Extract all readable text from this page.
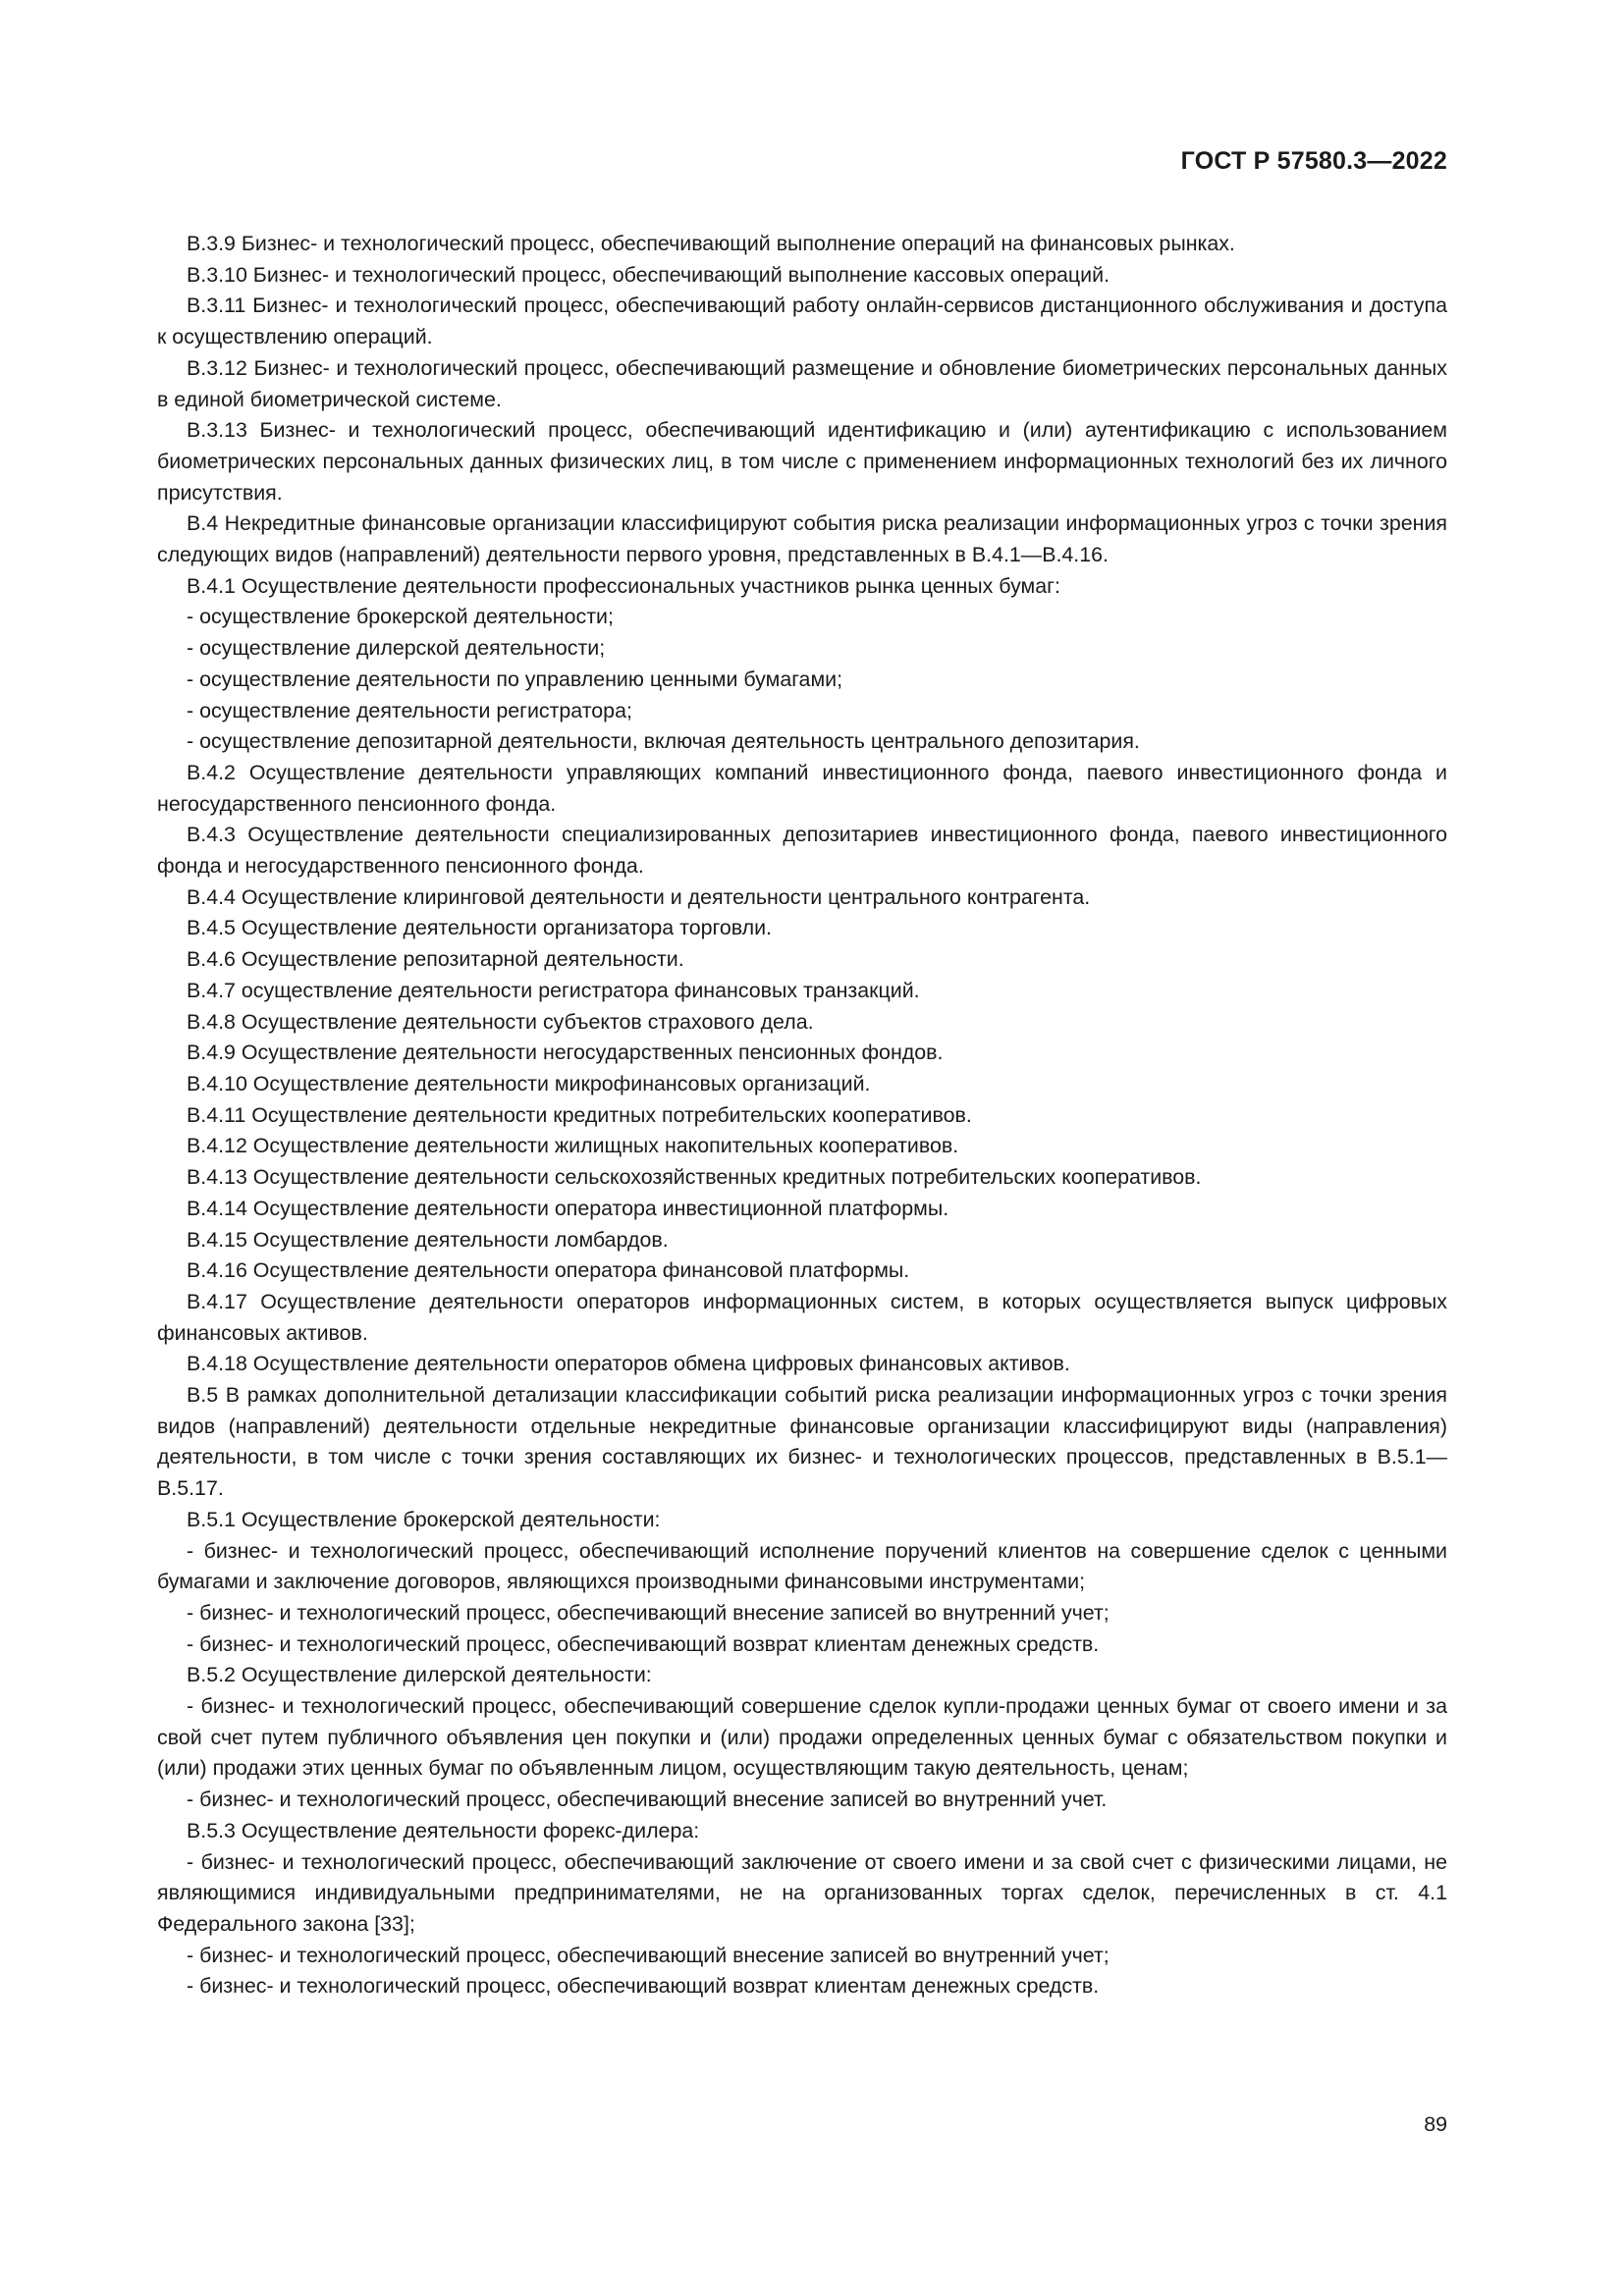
ГОСТ Р 57580.3—2022

B.3.9 Бизнес- и технологический процесс, обеспечивающий выполнение операций на финансовых рынках.

B.3.10 Бизнес- и технологический процесс, обеспечивающий выполнение кассовых операций.

B.3.11 Бизнес- и технологический процесс, обеспечивающий работу онлайн-сервисов дистанционного обслуживания и доступа к осуществлению операций.

B.3.12 Бизнес- и технологический процесс, обеспечивающий размещение и обновление биометрических персональных данных в единой биометрической системе.

B.3.13 Бизнес- и технологический процесс, обеспечивающий идентификацию и (или) аутентификацию с использованием биометрических персональных данных физических лиц, в том числе с применением информационных технологий без их личного присутствия.

B.4 Некредитные финансовые организации классифицируют события риска реализации информационных угроз с точки зрения следующих видов (направлений) деятельности первого уровня, представленных в B.4.1—B.4.16.

B.4.1 Осуществление деятельности профессиональных участников рынка ценных бумаг:

- осуществление брокерской деятельности;

- осуществление дилерской деятельности;

- осуществление деятельности по управлению ценными бумагами;

- осуществление деятельности регистратора;

- осуществление депозитарной деятельности, включая деятельность центрального депозитария.

B.4.2 Осуществление деятельности управляющих компаний инвестиционного фонда, паевого инвестиционного фонда и негосударственного пенсионного фонда.

B.4.3 Осуществление деятельности специализированных депозитариев инвестиционного фонда, паевого инвестиционного фонда и негосударственного пенсионного фонда.

B.4.4 Осуществление клиринговой деятельности и деятельности центрального контрагента.

B.4.5 Осуществление деятельности организатора торговли.

B.4.6 Осуществление репозитарной деятельности.

B.4.7 осуществление деятельности регистратора финансовых транзакций.

B.4.8 Осуществление деятельности субъектов страхового дела.

B.4.9 Осуществление деятельности негосударственных пенсионных фондов.

B.4.10 Осуществление деятельности микрофинансовых организаций.

B.4.11 Осуществление деятельности кредитных потребительских кооперативов.

B.4.12 Осуществление деятельности жилищных накопительных кооперативов.

B.4.13 Осуществление деятельности сельскохозяйственных кредитных потребительских кооперативов.

B.4.14 Осуществление деятельности оператора инвестиционной платформы.

B.4.15 Осуществление деятельности ломбардов.

B.4.16 Осуществление деятельности оператора финансовой платформы.

B.4.17 Осуществление деятельности операторов информационных систем, в которых осуществляется выпуск цифровых финансовых активов.

B.4.18 Осуществление деятельности операторов обмена цифровых финансовых активов.

B.5 В рамках дополнительной детализации классификации событий риска реализации информационных угроз с точки зрения видов (направлений) деятельности отдельные некредитные финансовые организации классифицируют виды (направления) деятельности, в том числе с точки зрения составляющих их бизнес- и технологических процессов, представленных в B.5.1—B.5.17.

B.5.1 Осуществление брокерской деятельности:

- бизнес- и технологический процесс, обеспечивающий исполнение поручений клиентов на совершение сделок с ценными бумагами и заключение договоров, являющихся производными финансовыми инструментами;

- бизнес- и технологический процесс, обеспечивающий внесение записей во внутренний учет;

- бизнес- и технологический процесс, обеспечивающий возврат клиентам денежных средств.

B.5.2 Осуществление дилерской деятельности:

- бизнес- и технологический процесс, обеспечивающий совершение сделок купли-продажи ценных бумаг от своего имени и за свой счет путем публичного объявления цен покупки и (или) продажи определенных ценных бумаг с обязательством покупки и (или) продажи этих ценных бумаг по объявленным лицом, осуществляющим такую деятельность, ценам;

- бизнес- и технологический процесс, обеспечивающий внесение записей во внутренний учет.

B.5.3 Осуществление деятельности форекс-дилера:

- бизнес- и технологический процесс, обеспечивающий заключение от своего имени и за свой счет с физическими лицами, не являющимися индивидуальными предпринимателями, не на организованных торгах сделок, перечисленных в ст. 4.1 Федерального закона [33];

- бизнес- и технологический процесс, обеспечивающий внесение записей во внутренний учет;

- бизнес- и технологический процесс, обеспечивающий возврат клиентам денежных средств.

89
